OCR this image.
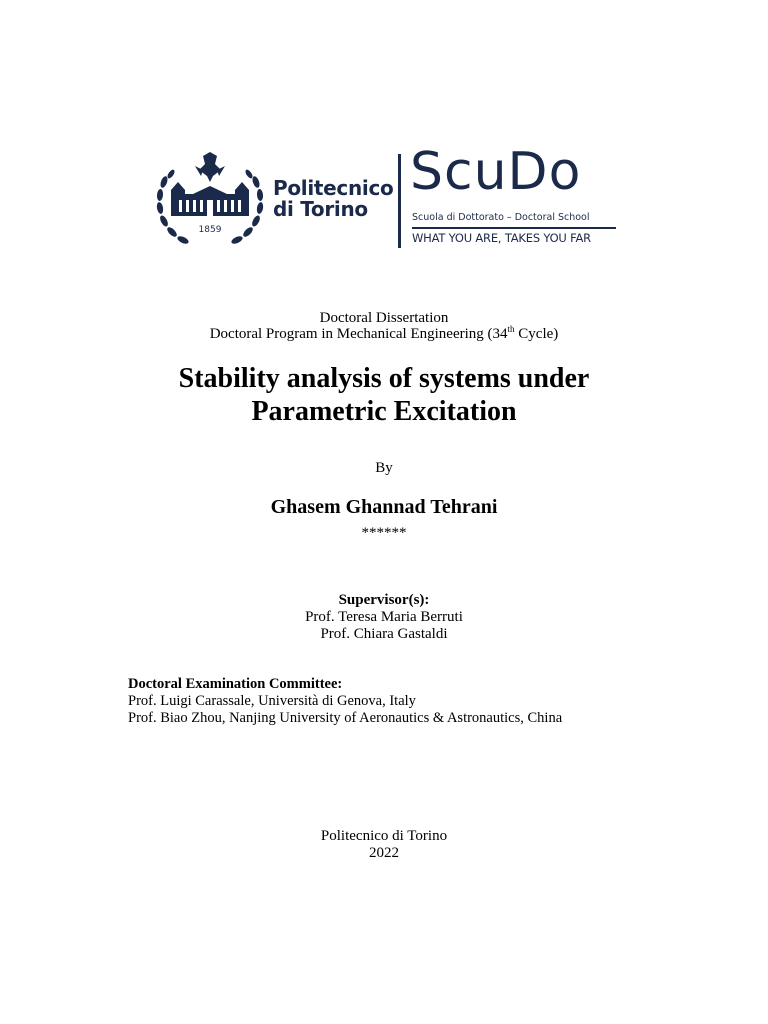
1859
Politecnico
di Torino
ScuDo
Scuola di Dottorato – Doctoral School
WHAT YOU ARE, TAKES YOU FAR
Doctoral Dissertation
Doctoral Program in Mechanical Engineering (34th Cycle)
Stability analysis of systems under
Parametric Excitation
By
Ghasem Ghannad Tehrani
******
Supervisor(s):
Prof. Teresa Maria Berruti
Prof. Chiara Gastaldi
Doctoral Examination Committee:
Prof. Luigi Carassale, Università di Genova, Italy
Prof. Biao Zhou, Nanjing University of Aeronautics & Astronautics, China
Politecnico di Torino
2022
